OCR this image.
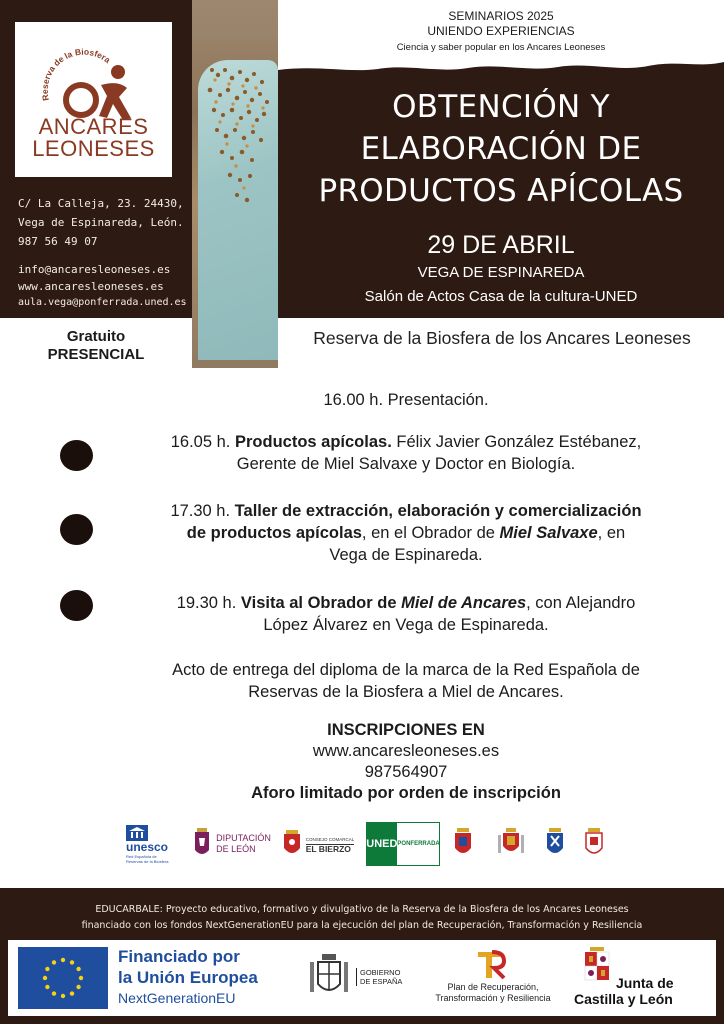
SEMINARIOS 2025
UNIENDO EXPERIENCIAS
Ciencia y saber popular en los Ancares Leoneses
Reserva de la Biosfera
ANCARES
LEONESES
C/ La Calleja, 23. 24430,
Vega de Espinareda, León.
987 56 49 07
info@ancaresleoneses.es
www.ancaresleoneses.es
aula.vega@ponferrada.uned.es
OBTENCIÓN Y
ELABORACIÓN DE
PRODUCTOS APÍCOLAS
29 DE ABRIL
VEGA DE ESPINAREDA
Salón de Actos Casa de la cultura-UNED
Gratuito
PRESENCIAL
Reserva de la Biosfera de los Ancares Leoneses
16.00 h. Presentación.
16.05 h. Productos apícolas. Félix Javier González Estébanez,
Gerente de Miel Salvaxe y Doctor en Biología.
17.30 h. Taller de extracción, elaboración y comercialización
de productos apícolas, en el Obrador de Miel Salvaxe, en
Vega de Espinareda.
19.30 h. Visita al Obrador de Miel de Ancares, con Alejandro
López Álvarez en Vega de Espinareda.
Acto de entrega del diploma de la marca de la Red Española de
Reservas de la Biosfera a Miel de Ancares.
INSCRIPCIONES EN
www.ancaresleoneses.es
987564907
Aforo limitado por orden de inscripción
unesco
Red Española de Reservas de la Biosfera
DIPUTACIÓN
DE LEÓN
CONSEJO COMARCAL
EL BIERZO	UNED PONFERRADA
EDUCARBALE: Proyecto educativo, formativo y divulgativo de la Reserva de la Biosfera de los Ancares Leoneses
financiado con los fondos NextGenerationEU para la ejecución del plan de Recuperación, Transformación y Resiliencia
Financiado por
la Unión Europea
NextGenerationEU
GOBIERNO
DE ESPAÑA
Plan de Recuperación,
Transformación y Resiliencia
Junta de
Castilla y León
